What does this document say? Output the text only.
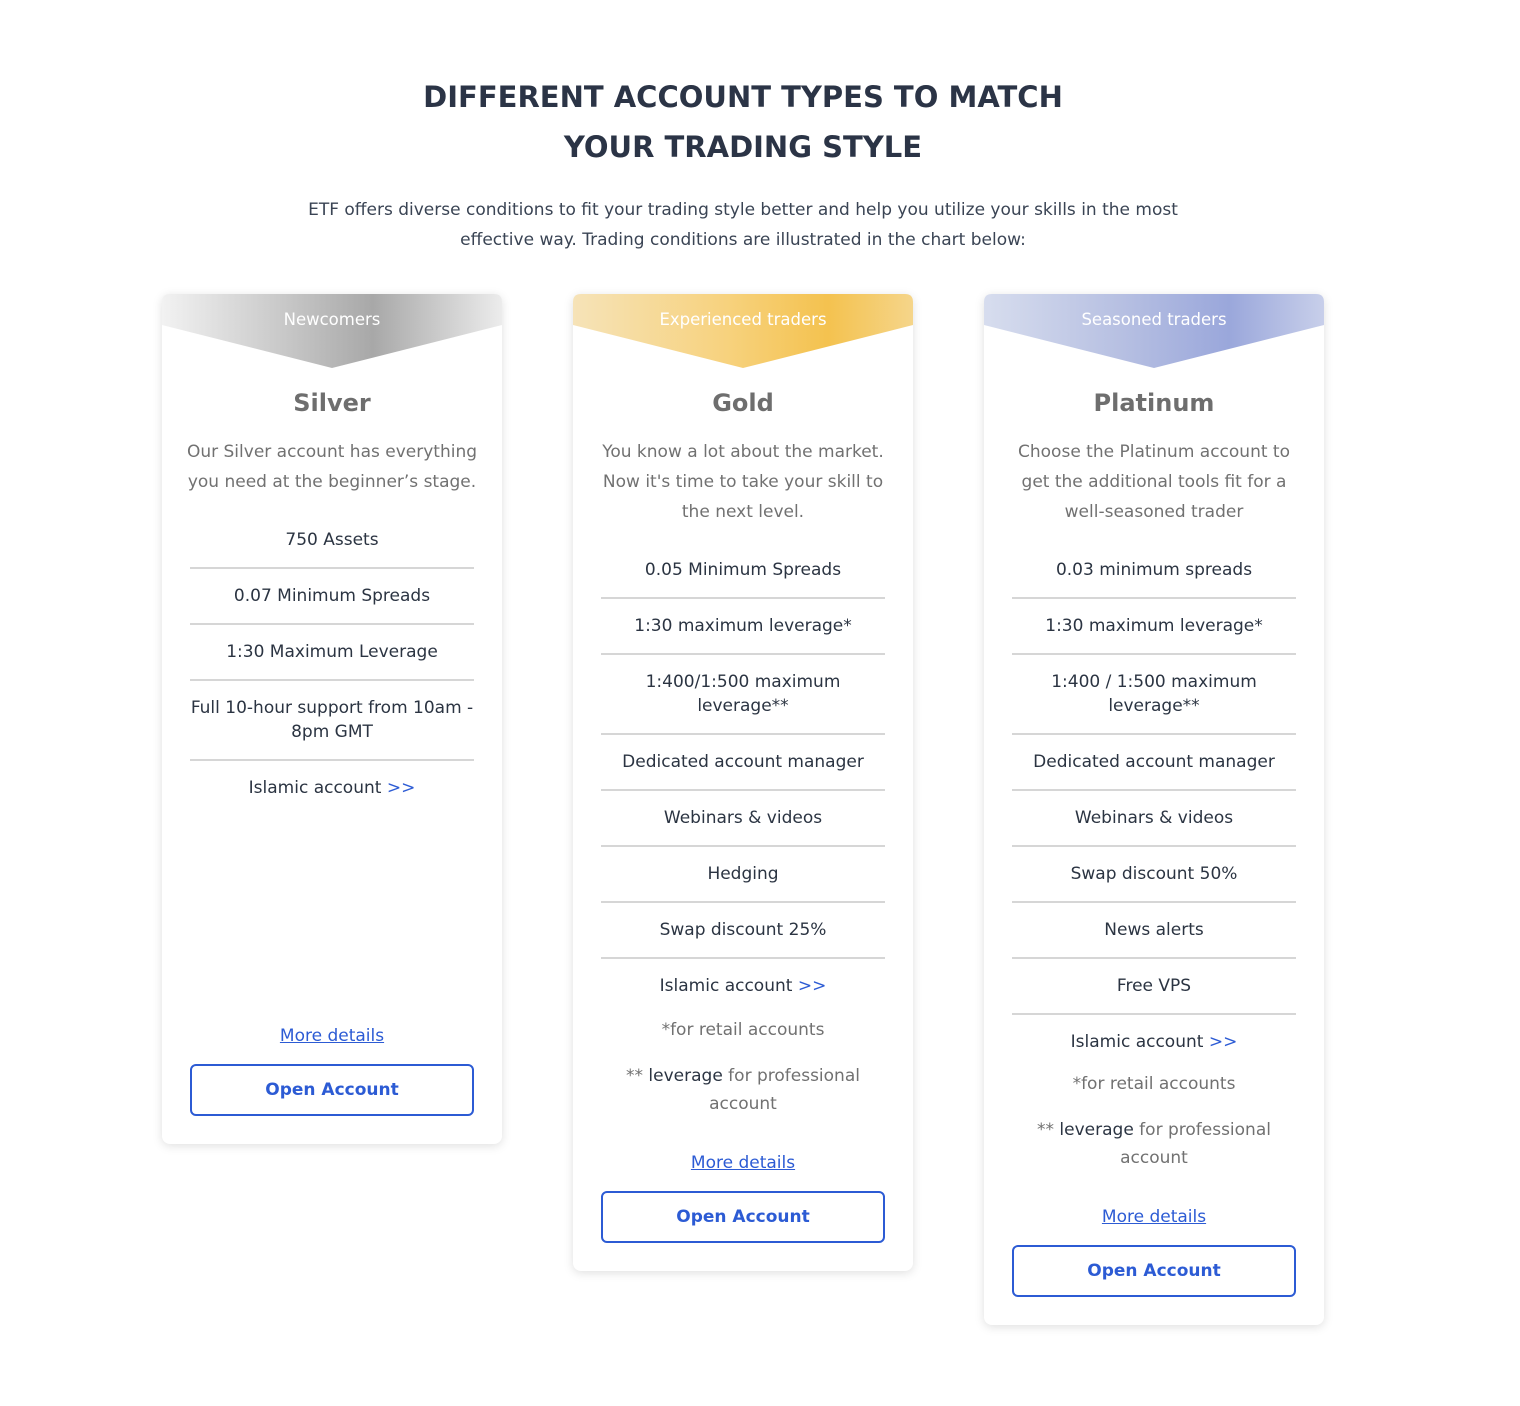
DIFFERENT ACCOUNT TYPES TO MATCH
YOUR TRADING STYLE

ETF offers diverse conditions to fit your trading style better and help you utilize your skills in the most effective way. Trading conditions are illustrated in the chart below:

Newcomers
Silver

Our Silver account has everything you need at the beginner’s stage.

750 Assets
0.07 Minimum Spreads
1:30 Maximum Leverage
Full 10-hour support from 10am - 8pm GMT
Islamic account >>
More details
Open Account
Experienced traders
Gold

You know a lot about the market. Now it's time to take your skill to the next level.

0.05 Minimum Spreads
1:30 maximum leverage*
1:400/1:500 maximum leverage**
Dedicated account manager
Webinars & videos
Hedging
Swap discount 25%
Islamic account >>

*for retail accounts

** leverage for professional account

More details
Open Account
Seasoned traders
Platinum

Choose the Platinum account to get the additional tools fit for a well-seasoned trader

0.03 minimum spreads
1:30 maximum leverage*
1:400 / 1:500 maximum leverage**
Dedicated account manager
Webinars & videos
Swap discount 50%
News alerts
Free VPS
Islamic account >>

*for retail accounts

** leverage for professional account

More details
Open Account
